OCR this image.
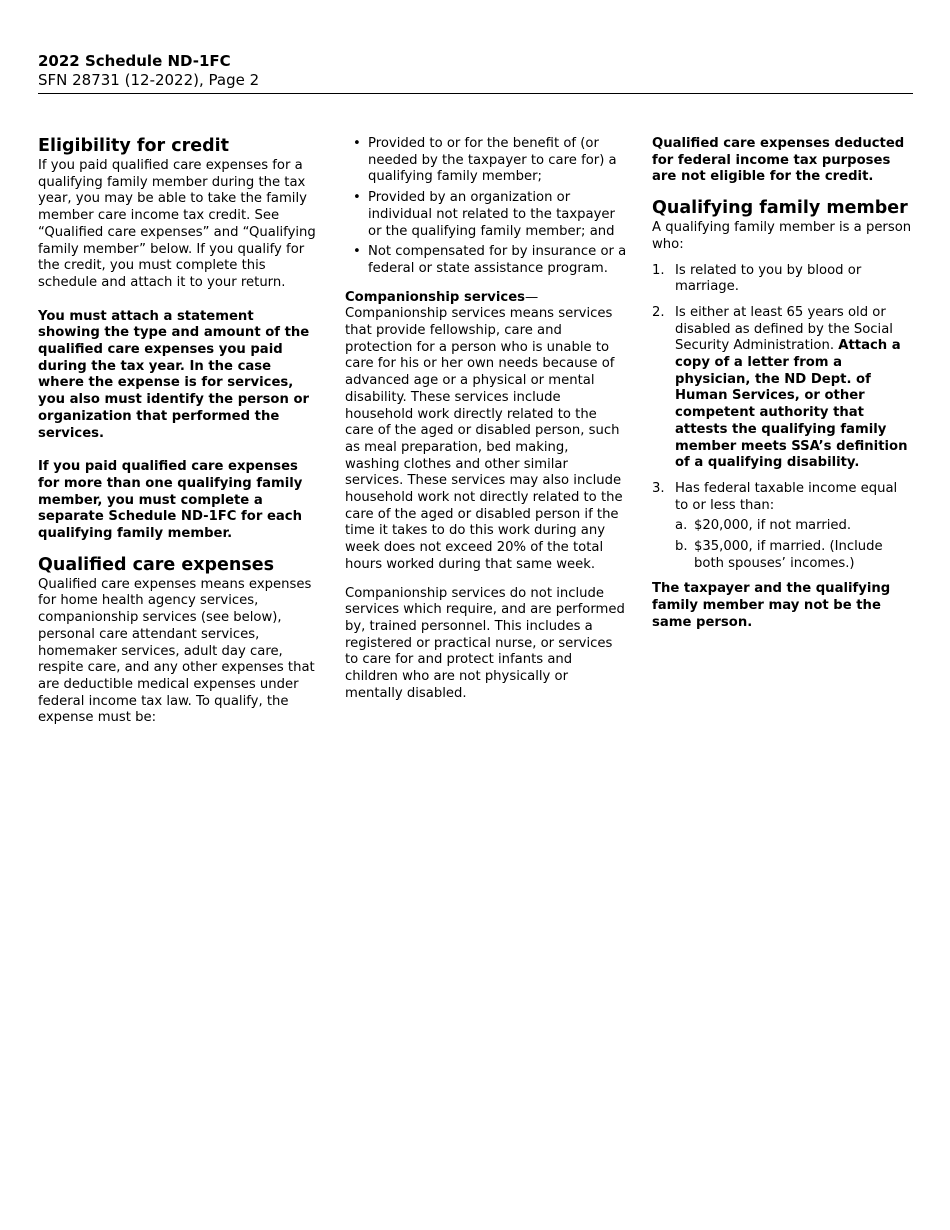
2022 Schedule ND-1FC
SFN 28731 (12-2022), Page 2
Eligibility for credit

If you paid qualified care expenses for a qualifying family member during the tax year, you may be able to take the family member care income tax credit. See “Qualified care expenses” and “Qualifying family member” below. If you qualify for the credit, you must complete this schedule and attach it to your return.

You must attach a statement showing the type and amount of the qualified care expenses you paid during the tax year. In the case where the expense is for services, you also must identify the person or organization that performed the services.

If you paid qualified care expenses for more than one qualifying family member, you must complete a separate Schedule ND-1FC for each qualifying family member.

Qualified care expenses

Qualified care expenses means expenses for home health agency services, companionship services (see below), personal care attendant services, homemaker services, adult day care, respite care, and any other expenses that are deductible medical expenses under federal income tax law. To qualify, the expense must be:

• Provided to or for the benefit of (or needed by the taxpayer to care for) a qualifying family member;
• Provided by an organization or individual not related to the taxpayer or the qualifying family member; and
• Not compensated for by insurance or a federal or state assistance program.

Companionship services—
Companionship services means services that provide fellowship, care and protection for a person who is unable to care for his or her own needs because of advanced age or a physical or mental disability. These services include household work directly related to the care of the aged or disabled person, such as meal preparation, bed making, washing clothes and other similar services. These services may also include household work not directly related to the care of the aged or disabled person if the time it takes to do this work during any week does not exceed 20% of the total hours worked during that same week.

Companionship services do not include services which require, and are performed by, trained personnel. This includes a registered or practical nurse, or services to care for and protect infants and children who are not physically or mentally disabled.

Qualified care expenses deducted for federal income tax purposes are not eligible for the credit.

Qualifying family member

A qualifying family member is a person who:

1. Is related to you by blood or marriage.
2. Is either at least 65 years old or disabled as defined by the Social Security Administration. Attach a copy of a letter from a physician, the ND Dept. of Human Services, or other competent authority that attests the qualifying family member meets SSA’s definition of a qualifying disability.
3. Has federal taxable income equal to or less than:
a. $20,000, if not married.
b. $35,000, if married. (Include both spouses’ incomes.)

The taxpayer and the qualifying family member may not be the same person.
